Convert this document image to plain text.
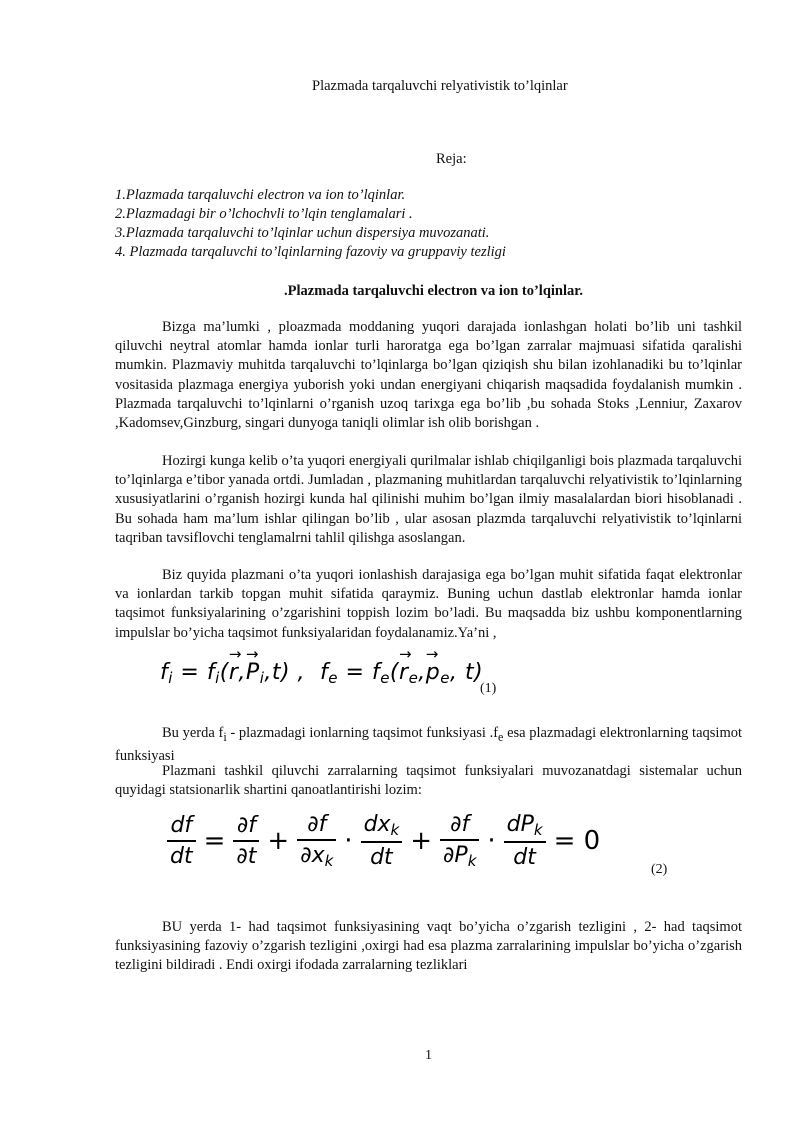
Plazmada tarqaluvchi relyativistik to’lqinlar
Reja:
1.Plazmada tarqaluvchi electron va ion to’lqinlar.
2.Plazmadagi bir o’lchochvli to’lqin tenglamalari .
3.Plazmada tarqaluvchi to’lqinlar uchun dispersiya muvozanati.
4. Plazmada tarqaluvchi to’lqinlarning fazoviy va gruppaviy tezligi
.Plazmada tarqaluvchi electron va ion to’lqinlar.

Bizga ma’lumki , ploazmada moddaning yuqori darajada ionlashgan holati bo’lib uni tashkil qiluvchi neytral atomlar hamda ionlar turli haroratga ega bo’lgan zarralar majmuasi sifatida qaralishi mumkin. Plazmaviy muhitda tarqaluvchi to’lqinlarga bo’lgan qiziqish shu bilan izohlanadiki bu to’lqinlar vositasida plazmaga energiya yuborish yoki undan energiyani chiqarish maqsadida foydalanish mumkin . Plazmada tarqaluvchi to’lqinlarni o’rganish uzoq tarixga ega bo’lib ,bu sohada Stoks ,Lenniur, Zaxarov ,Kadomsev,Ginzburg, singari dunyoga taniqli olimlar ish olib borishgan .

Hozirgi kunga kelib o’ta yuqori energiyali qurilmalar ishlab chiqilganligi bois plazmada tarqaluvchi to’lqinlarga e’tibor yanada ortdi. Jumladan , plazmaning muhitlardan tarqaluvchi relyativistik to’lqinlarning xususiyatlarini o’rganish hozirgi kunda hal qilinishi muhim bo’lgan ilmiy masalalardan biori hisoblanadi . Bu sohada ham ma’lum ishlar qilingan bo’lib , ular asosan plazmda tarqaluvchi relyativistik to’lqinlarni taqriban tavsiflovchi tenglamalrni tahlil qilishga asoslangan.

Biz quyida plazmani o’ta yuqori ionlashish darajasiga ega bo’lgan muhit sifatida faqat elektronlar va ionlardan tarkib topgan muhit sifatida qaraymiz. Buning uchun dastlab elektronlar hamda ionlar taqsimot funksiyalarining o’zgarishini toppish lozim bo’ladi. Bu maqsadda biz ushbu komponentlarning impulslar bo’yicha taqsimot funksiyalaridan foydalanamiz.Ya’ni ,

$f_i = f_i(r \to,P \to_i,t)$ ,  $f_e = f_e(r \to_e,p \to_e$, t)
(1)

Bu yerda $f_i$ - plazmadagi ionlarning taqsimot funksiyasi $.f_e$ esa plazmadagi elektronlarning taqsimot funksiyasi

Plazmani tashkil qiluvchi zarralarning taqsimot funksiyalari muvozanatdagi sistemalar uchun quyidagi statsionarlik shartini qanoatlantirishi lozim:

$\frac{df}{dt} = \frac{\partial f}{\partial t} + \frac{\partial f}{\partial x_k} \cdot \frac{dx_k}{dt} + \frac{\partial f}{\partial P_k} \cdot \frac{dP_k}{dt} = 0$
(2)

BU yerda 1- had taqsimot funksiyasining vaqt bo’yicha o’zgarish tezligini , 2- had taqsimot funksiyasining fazoviy o’zgarish tezligini ,oxirgi had esa plazma zarralarining impulslar bo’yicha o’zgarish tezligini bildiradi . Endi oxirgi ifodada zarralarning tezliklari

1
